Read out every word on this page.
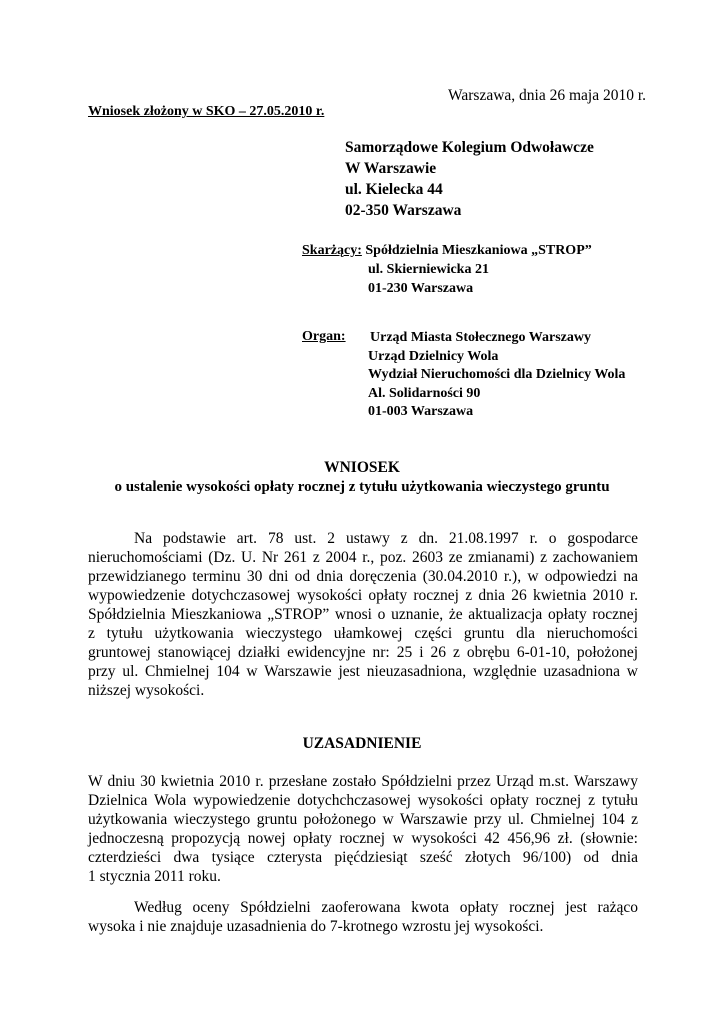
Warszawa, dnia 26 maja 2010 r.
Wniosek złożony w SKO – 27.05.2010 r.
Samorządowe Kolegium Odwoławcze
W Warszawie
ul. Kielecka 44
02-350 Warszawa
Skarżący: Spółdzielnia Mieszkaniowa „STROP”
ul. Skierniewicka 21
01-230 Warszawa
Organ: Urząd Miasta Stołecznego Warszawy
Urząd Dzielnicy Wola
Wydział Nieruchomości dla Dzielnicy Wola
Al. Solidarności 90
01-003 Warszawa
WNIOSEK
o ustalenie wysokości opłaty rocznej z tytułu użytkowania wieczystego gruntu
Na podstawie art. 78 ust. 2 ustawy z dn. 21.08.1997 r. o gospodarce
nieruchomościami (Dz. U. Nr 261 z 2004 r., poz. 2603 ze zmianami) z zachowaniem
przewidzianego terminu 30 dni od dnia doręczenia (30.04.2010 r.), w odpowiedzi na
wypowiedzenie dotychczasowej wysokości opłaty rocznej z dnia 26 kwietnia 2010 r.
Spółdzielnia Mieszkaniowa „STROP” wnosi o uznanie, że aktualizacja opłaty rocznej
z tytułu użytkowania wieczystego ułamkowej części gruntu dla nieruchomości
gruntowej stanowiącej działki ewidencyjne nr: 25 i 26 z obrębu 6-01-10, położonej
przy ul. Chmielnej 104 w Warszawie jest nieuzasadniona, względnie uzasadniona w
niższej wysokości.
UZASADNIENIE
W dniu 30 kwietnia 2010 r. przesłane zostało Spółdzielni przez Urząd m.st. Warszawy
Dzielnica Wola wypowiedzenie dotychchczasowej wysokości opłaty rocznej z tytułu
użytkowania wieczystego gruntu położonego w Warszawie przy ul. Chmielnej 104 z
jednoczesną propozycją nowej opłaty rocznej w wysokości 42 456,96 zł. (słownie:
czterdzieści dwa tysiące czterysta pięćdziesiąt sześć złotych 96/100) od dnia
1 stycznia 2011 roku.
Według oceny Spółdzielni zaoferowana kwota opłaty rocznej jest rażąco
wysoka i nie znajduje uzasadnienia do 7-krotnego wzrostu jej wysokości.
